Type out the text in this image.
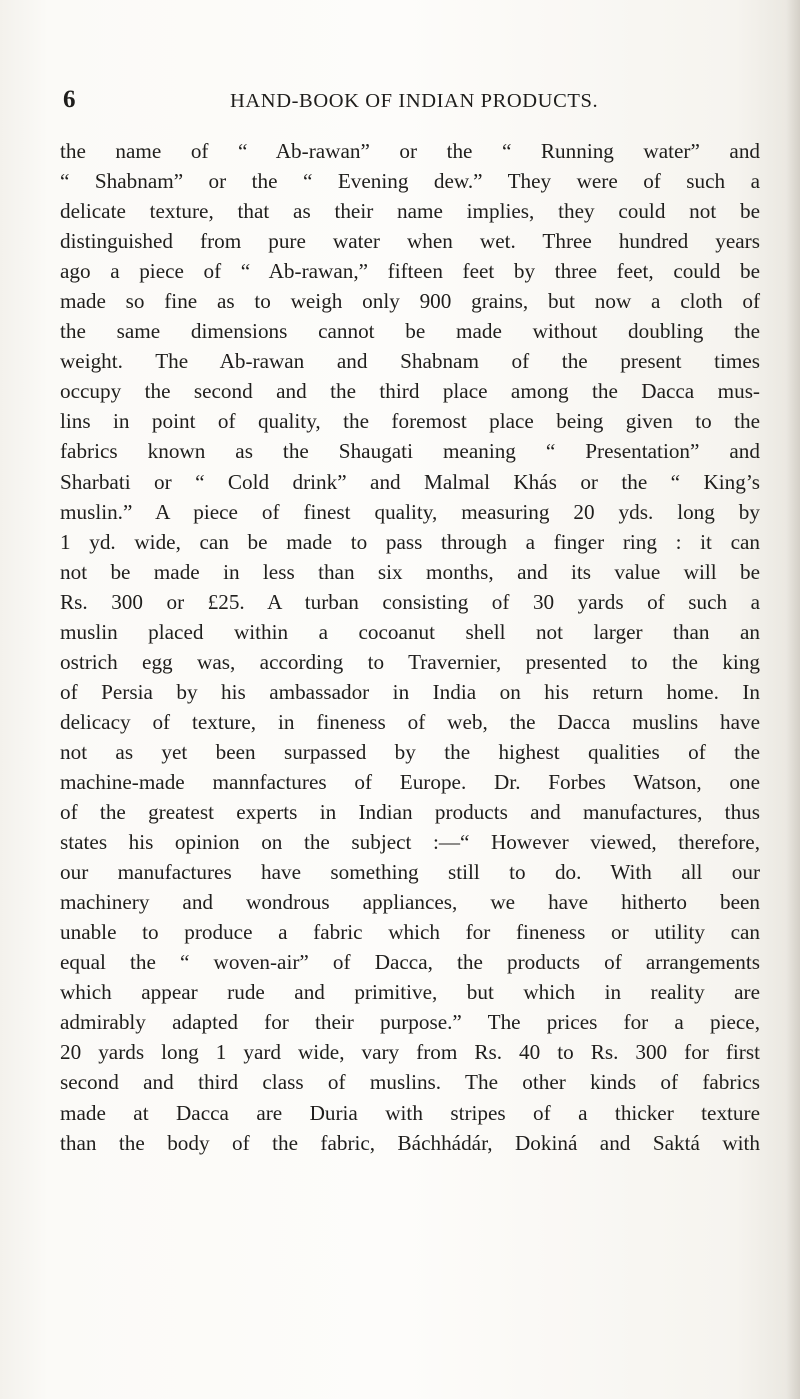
6	HAND-BOOK OF INDIAN PRODUCTS.
the name of “ Ab-rawan” or the “ Running water” and
“ Shabnam” or the “ Evening dew.” They were of such a
delicate texture, that as their name implies, they could not be
distinguished from pure water when wet. Three hundred years
ago a piece of “ Ab-rawan,” fifteen feet by three feet, could be
made so fine as to weigh only 900 grains, but now a cloth of
the same dimensions cannot be made without doubling the
weight. The Ab-rawan and Shabnam of the present times
occupy the second and the third place among the Dacca mus-
lins in point of quality, the foremost place being given to the
fabrics known as the Shaugati meaning “ Presentation” and
Sharbati or “ Cold drink” and Malmal Khás or the “ King’s
muslin.” A piece of finest quality, measuring 20 yds. long by
1 yd. wide, can be made to pass through a finger ring : it can
not be made in less than six months, and its value will be
Rs. 300 or £25. A turban consisting of 30 yards of such a
muslin placed within a cocoanut shell not larger than an
ostrich egg was, according to Travernier, presented to the king
of Persia by his ambassador in India on his return home. In
delicacy of texture, in fineness of web, the Dacca muslins have
not as yet been surpassed by the highest qualities of the
machine-made mannfactures of Europe. Dr. Forbes Watson, one
of the greatest experts in Indian products and manufactures, thus
states his opinion on the subject :—“ However viewed, therefore,
our manufactures have something still to do. With all our
machinery and wondrous appliances, we have hitherto been
unable to produce a fabric which for fineness or utility can
equal the “ woven-air” of Dacca, the products of arrangements
which appear rude and primitive, but which in reality are
admirably adapted for their purpose.” The prices for a piece,
20 yards long 1 yard wide, vary from Rs. 40 to Rs. 300 for first
second and third class of muslins. The other kinds of fabrics
made at Dacca are Duria with stripes of a thicker texture
than the body of the fabric, Báchhádár, Dokiná and Saktá with
